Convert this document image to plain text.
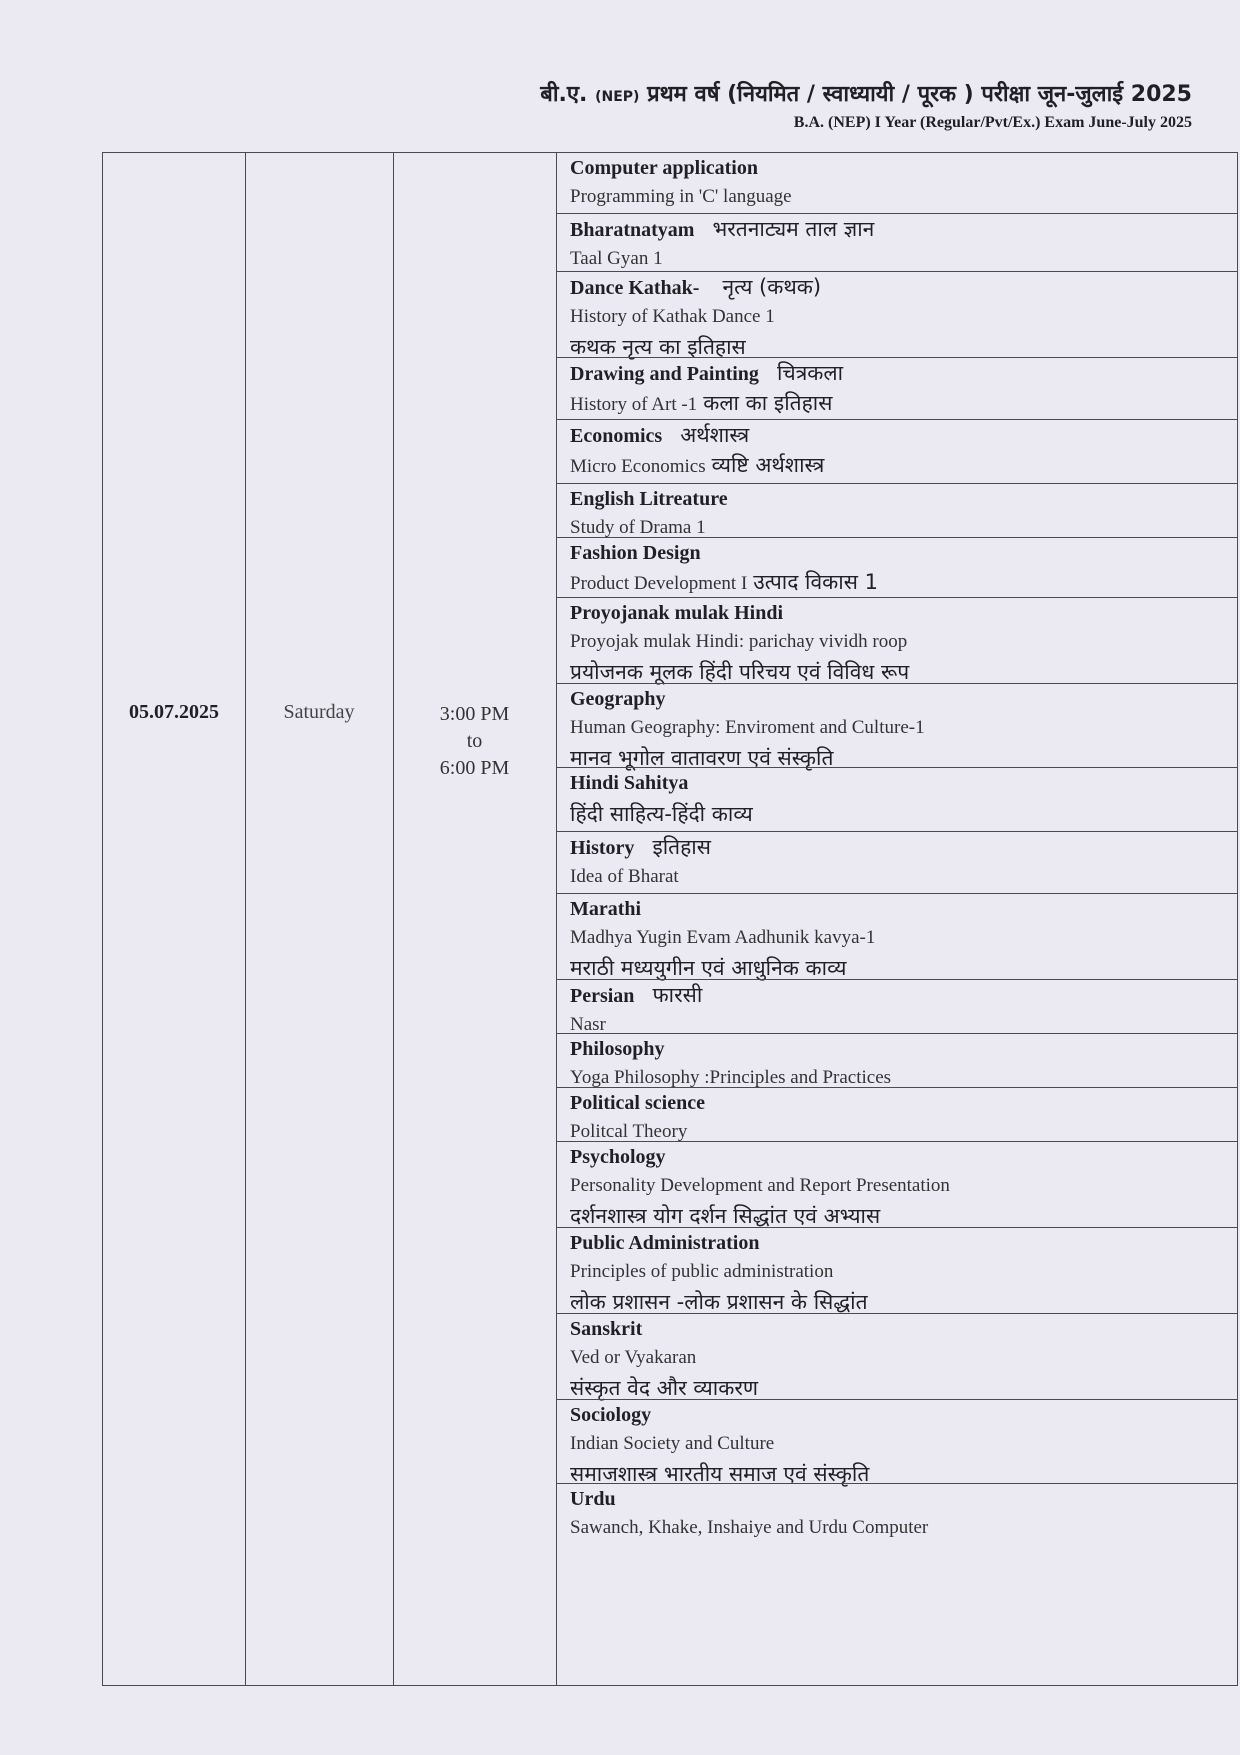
बी.ए. (NEP) प्रथम वर्ष (नियमित / स्वाध्यायी / पूरक ) परीक्षा जून-जुलाई 2025
B.A. (NEP) I Year (Regular/Pvt/Ex.) Exam June-July 2025
05.07.2025	Saturday	3:00 PM
to
6:00 PM
Computer application
Programming in 'C' language
Bharatnatyam भरतनाट्यम ताल ज्ञान
Taal Gyan 1
Dance Kathak- नृत्य (कथक)
History of Kathak Dance 1
कथक नृत्य का इतिहास
Drawing and Painting चित्रकला
History of Art -1 कला का इतिहास
Economics अर्थशास्त्र
Micro Economics व्यष्टि अर्थशास्त्र
English Litreature
Study of Drama 1
Fashion Design
Product Development I उत्पाद विकास 1
Proyojanak mulak Hindi
Proyojak mulak Hindi: parichay vividh roop
प्रयोजनक मूलक हिंदी परिचय एवं विविध रूप
Geography
Human Geography: Enviroment and Culture-1
मानव भूगोल वातावरण एवं संस्कृति
Hindi Sahitya
हिंदी साहित्य-हिंदी काव्य
History इतिहास
Idea of Bharat
Marathi
Madhya Yugin Evam Aadhunik kavya-1
मराठी मध्ययुगीन एवं आधुनिक काव्य
Persian फारसी
Nasr
Philosophy
Yoga Philosophy :Principles and Practices
Political science
Politcal Theory
Psychology
Personality Development and Report Presentation
दर्शनशास्त्र योग दर्शन सिद्धांत एवं अभ्यास
Public Administration
Principles of public administration
लोक प्रशासन -लोक प्रशासन के सिद्धांत
Sanskrit
Ved or Vyakaran
संस्कृत वेद और व्याकरण
Sociology
Indian Society and Culture
समाजशास्त्र भारतीय समाज एवं संस्कृति
Urdu
Sawanch, Khake, Inshaiye and Urdu Computer
